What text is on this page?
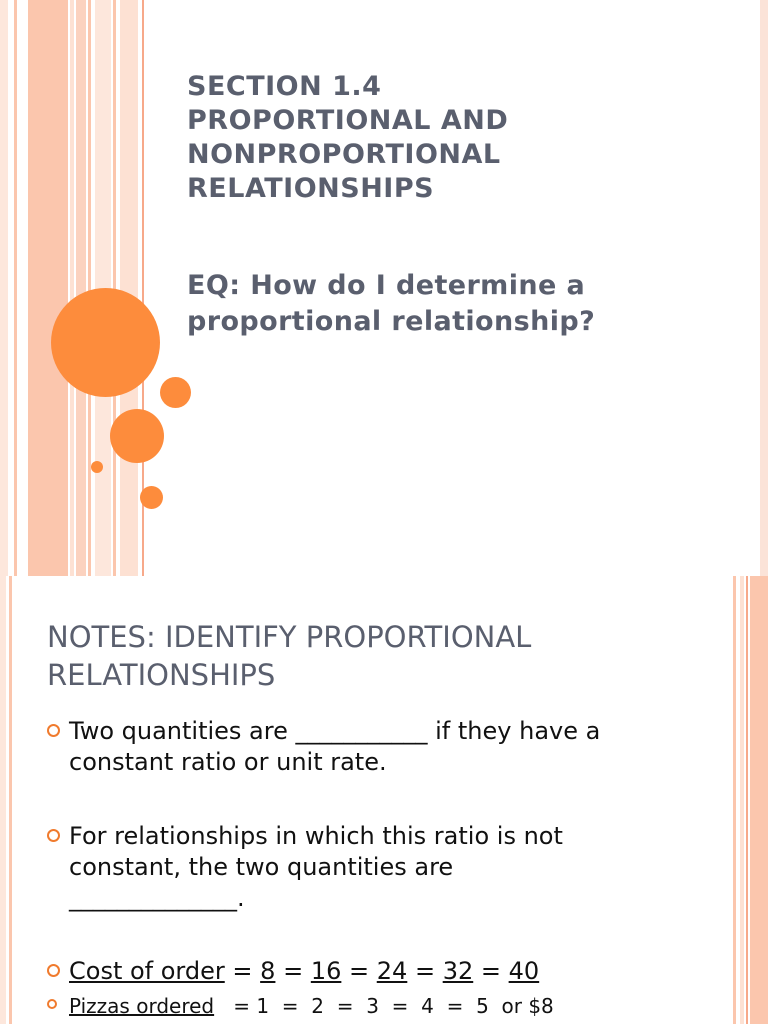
SECTION 1.4
PROPORTIONAL AND
NONPROPORTIONAL
RELATIONSHIPS
EQ: How do I determine a
proportional relationship?
NOTES: IDENTIFY PROPORTIONAL
RELATIONSHIPS
Two quantities are ___________ if they have a
constant ratio or unit rate.
For relationships in which this ratio is not
constant, the two quantities are
______________.
Cost of order = 8 = 16 = 24 = 32 = 40
Pizzas ordered = 1 = 2 = 3 = 4 = 5 or $8
